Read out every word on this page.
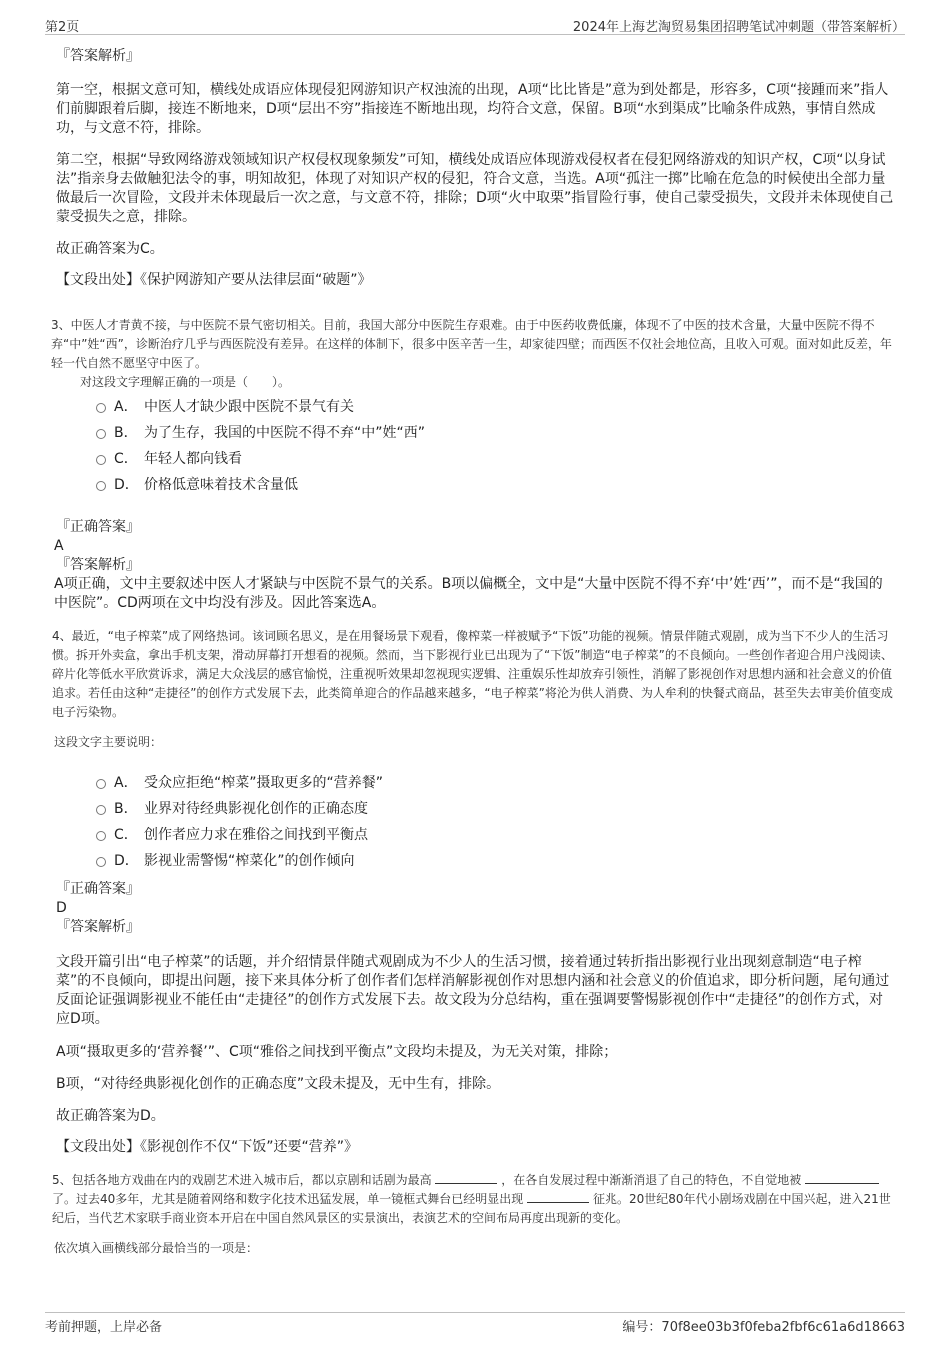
第2页	2024年上海艺淘贸易集团招聘笔试冲刺题（带答案解析）

『答案解析』

第一空，根据文意可知，横线处成语应体现侵犯网游知识产权浊流的出现，A项“比比皆是”意为到处都是，形容多，C项“接踵而来”指人们前脚跟着后脚，接连不断地来，D项“层出不穷”指接连不断地出现，均符合文意，保留。B项“水到渠成”比喻条件成熟，事情自然成功，与文意不符，排除。

第二空，根据“导致网络游戏领域知识产权侵权现象频发”可知，横线处成语应体现游戏侵权者在侵犯网络游戏的知识产权，C项“以身试法”指亲身去做触犯法令的事，明知故犯，体现了对知识产权的侵犯，符合文意，当选。A项“孤注一掷”比喻在危急的时候使出全部力量做最后一次冒险，文段并未体现最后一次之意，与文意不符，排除；D项“火中取栗”指冒险行事，使自己蒙受损失，文段并未体现使自己蒙受损失之意，排除。

故正确答案为C。

【文段出处】《保护网游知产要从法律层面“破题”》

3、中医人才青黄不接，与中医院不景气密切相关。目前，我国大部分中医院生存艰难。由于中医药收费低廉，体现不了中医的技术含量，大量中医院不得不弃“中”姓“西”，诊断治疗几乎与西医院没有差异。在这样的体制下，很多中医辛苦一生，却家徒四壁；而西医不仅社会地位高，且收入可观。面对如此反差，年轻一代自然不愿坚守中医了。

对这段文字理解正确的一项是（　　）。

A． 中医人才缺少跟中医院不景气有关
B． 为了生存，我国的中医院不得不弃“中”姓“西”
C． 年轻人都向钱看
D． 价格低意味着技术含量低

『正确答案』

A

『答案解析』

A项正确，文中主要叙述中医人才紧缺与中医院不景气的关系。B项以偏概全，文中是“大量中医院不得不弃‘中’姓‘西’”，而不是“我国的中医院”。CD两项在文中均没有涉及。因此答案选A。

4、最近，“电子榨菜”成了网络热词。该词顾名思义，是在用餐场景下观看，像榨菜一样被赋予“下饭”功能的视频。情景伴随式观剧，成为当下不少人的生活习惯。拆开外卖盒，拿出手机支架，滑动屏幕打开想看的视频。然而，当下影视行业已出现为了“下饭”制造“电子榨菜”的不良倾向。一些创作者迎合用户浅阅读、碎片化等低水平欣赏诉求，满足大众浅层的感官愉悦，注重视听效果却忽视现实逻辑、注重娱乐性却放弃引领性，消解了影视创作对思想内涵和社会意义的价值追求。若任由这种“走捷径”的创作方式发展下去，此类简单迎合的作品越来越多，“电子榨菜”将沦为供人消费、为人牟利的快餐式商品，甚至失去审美价值变成电子污染物。

这段文字主要说明：

A． 受众应拒绝“榨菜”摄取更多的“营养餐”
B． 业界对待经典影视化创作的正确态度
C． 创作者应力求在雅俗之间找到平衡点
D． 影视业需警惕“榨菜化”的创作倾向

『正确答案』

D

『答案解析』

文段开篇引出“电子榨菜”的话题，并介绍情景伴随式观剧成为不少人的生活习惯，接着通过转折指出影视行业出现刻意制造“电子榨菜”的不良倾向，即提出问题，接下来具体分析了创作者们怎样消解影视创作对思想内涵和社会意义的价值追求，即分析问题，尾句通过反面论证强调影视业不能任由“走捷径”的创作方式发展下去。故文段为分总结构，重在强调要警惕影视创作中“走捷径”的创作方式，对应D项。

A项“摄取更多的‘营养餐’”、C项“雅俗之间找到平衡点”文段均未提及，为无关对策，排除；

B项，“对待经典影视化创作的正确态度”文段未提及，无中生有，排除。

故正确答案为D。

【文段出处】《影视创作不仅“下饭”还要“营养”》

5、包括各地方戏曲在内的戏剧艺术进入城市后，都以京剧和话剧为最高	，在各自发展过程中渐渐消退了自己的特色，不自觉地被  了。过去40多年，尤其是随着网络和数字化技术迅猛发展，单一镜框式舞台已经明显出现	征兆。20世纪80年代小剧场戏剧在中国兴起，进入21世纪后，当代艺术家联手商业资本开启在中国自然风景区的实景演出，表演艺术的空间布局再度出现新的变化。

依次填入画横线部分最恰当的一项是：

考前押题，上岸必备	编号：70f8ee03b3f0feba2fbf6c61a6d18663
